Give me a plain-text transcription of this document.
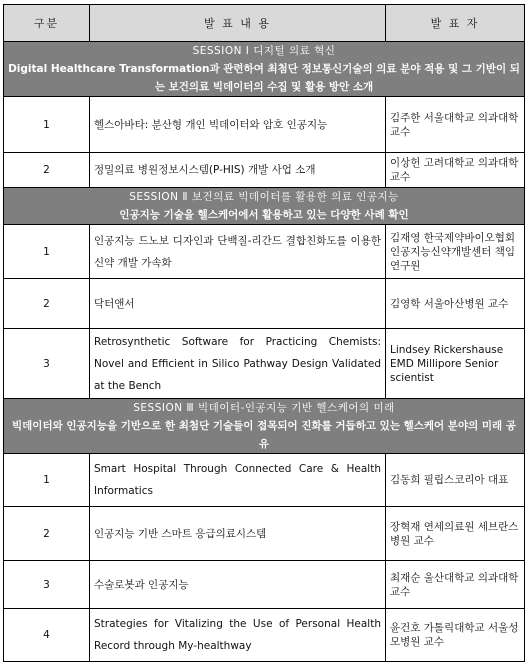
구분	발 표 내 용	발 표 자

SESSION Ⅰ 디지털 의료 혁신
Digital Healthcare Transformation과 관련하여 최첨단 정보통신기술의 의료 분야 적용 및 그 기반이 되는 보건의료 빅데이터의 수집 및 활용 방안 소개		

1	헬스아바타: 분산형 개인 빅데이터와 암호 인공지능	김주한 서울대학교 의과대학 교수
2	정밀의료 병원정보시스템(P-HIS) 개발 사업 소개	이상헌 고려대학교 의과대학 교수

SESSION Ⅱ 보건의료 빅데이터를 활용한 의료 인공지능
인공지능 기술을 헬스케어에서 활용하고 있는 다양한 사례 확인		

1	인공지능 드노보 디자인과 단백질-리간드 결합친화도를 이용한 신약 개발 가속화	김재영 한국제약바이오협회 인공지능신약개발센터 책임연구원
2	닥터앤서	김영학 서울아산병원 교수
3	Retrosynthetic Software for Practicing Chemists: Novel and Efficient in Silico Pathway Design Validated at the Bench	Lindsey Rickershause EMD Millipore Senior scientist

SESSION Ⅲ 빅데이터-인공지능 기반 헬스케어의 미래
빅데이터와 인공지능을 기반으로 한 최첨단 기술들이 접목되어 진화를 거듭하고 있는 헬스케어 분야의 미래 공유		

1	Smart Hospital Through Connected Care & Health Informatics	김동희 필립스코리아 대표
2	인공지능 기반 스마트 응급의료시스템	장혁재 연세의료원 세브란스병원 교수
3	수술로봇과 인공지능	최재순 울산대학교 의과대학 교수
4	Strategies for Vitalizing the Use of Personal Health Record through My-healthway	윤건호 가톨릭대학교 서울성모병원 교수
